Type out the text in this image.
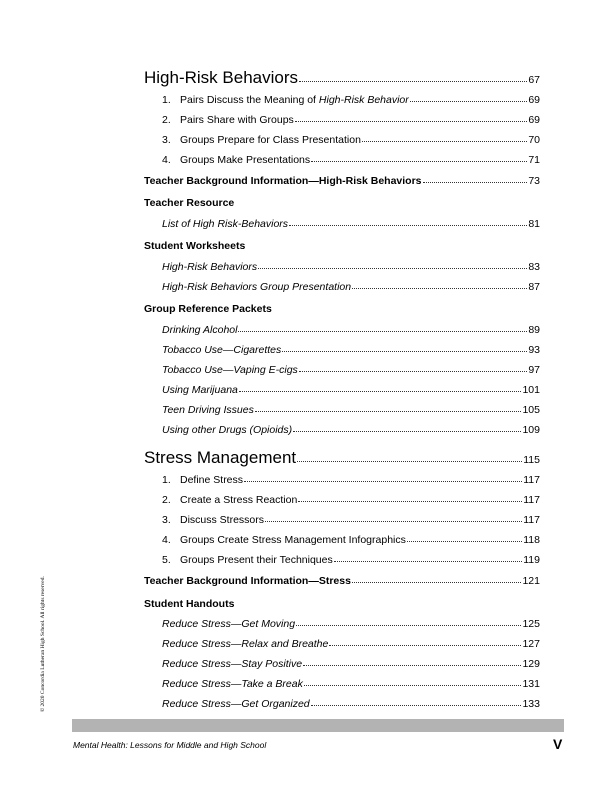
High-Risk Behaviors	67
1. Pairs Discuss the Meaning of High-Risk Behavior	69
2. Pairs Share with Groups	69
3. Groups Prepare for Class Presentation	70
4. Groups Make Presentations	71
Teacher Background Information—High-Risk Behaviors	73
Teacher Resource
List of High Risk-Behaviors	81
Student Worksheets
High-Risk Behaviors	83
High-Risk Behaviors Group Presentation	87
Group Reference Packets
Drinking Alcohol	89
Tobacco Use—Cigarettes	93
Tobacco Use—Vaping E-cigs	97
Using Marijuana	101
Teen Driving Issues	105
Using other Drugs (Opioids)	109
Stress Management	115
1. Define Stress	117
2. Create a Stress Reaction	117
3. Discuss Stressors	117
4. Groups Create Stress Management Infographics	118
5. Groups Present their Techniques	119
Teacher Background Information—Stress	121
Student Handouts
Reduce Stress—Get Moving	125
Reduce Stress—Relax and Breathe	127
Reduce Stress—Stay Positive	129
Reduce Stress—Take a Break	131
Reduce Stress—Get Organized	133
© 2020 Concordia Lutheran High School. All rights reserved.
Mental Health: Lessons for Middle and High School	V
